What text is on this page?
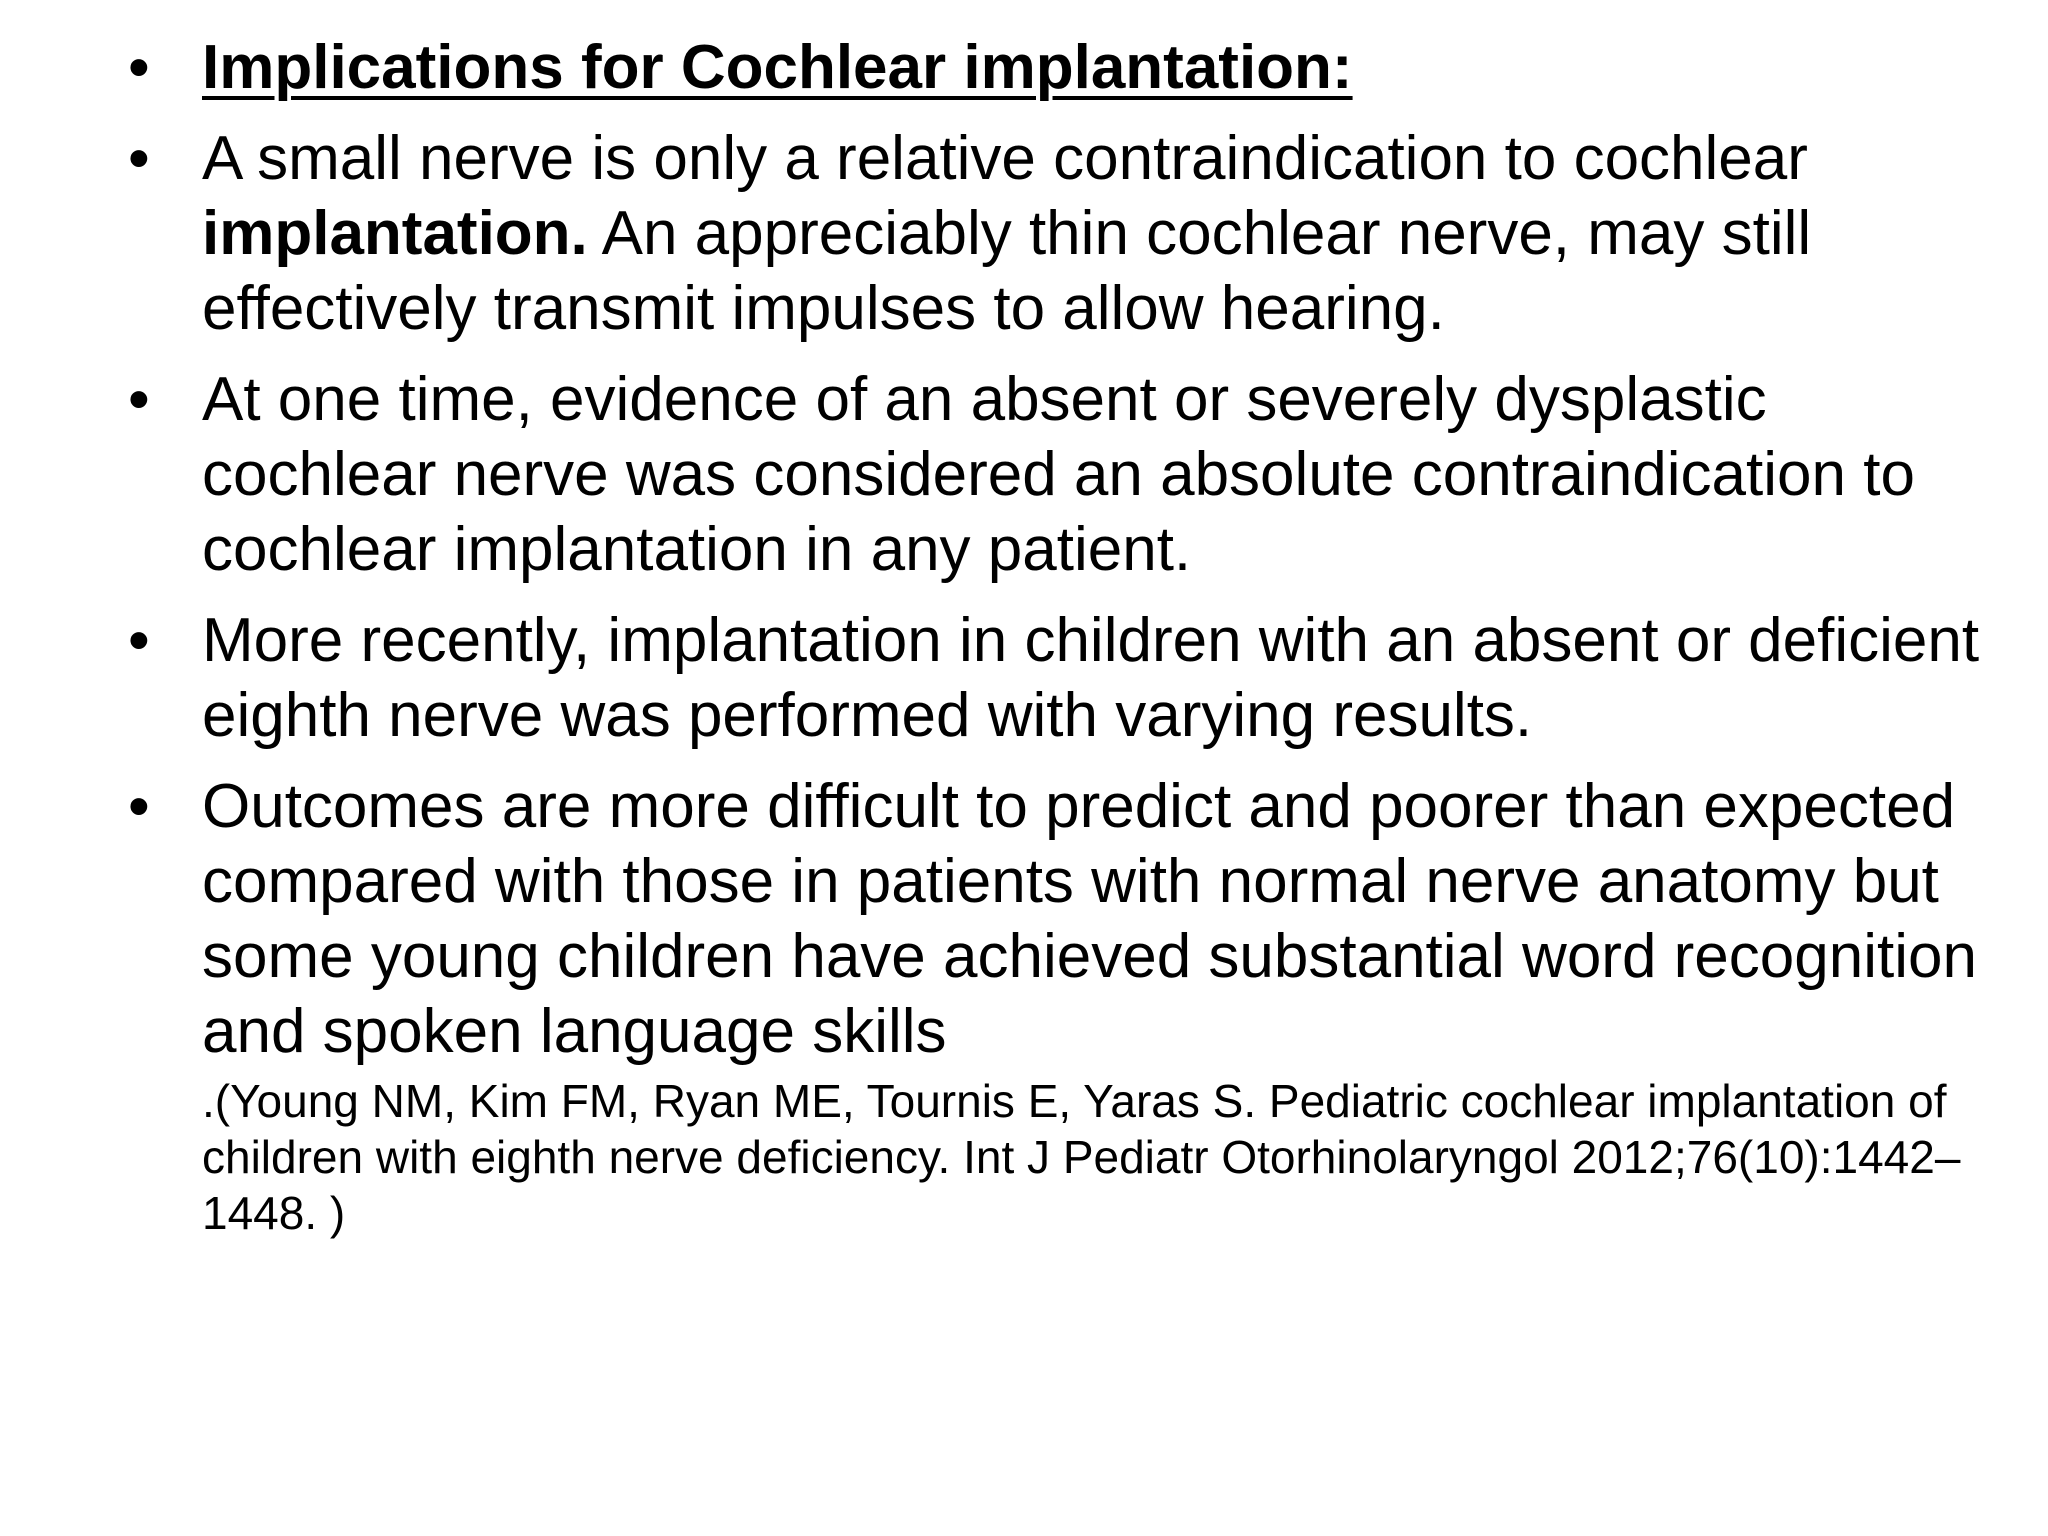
• Implications for Cochlear implantation:
• A small nerve is only a relative contraindication to cochlear implantation. An appreciably thin cochlear nerve, may still effectively transmit impulses to allow hearing.
• At one time, evidence of an absent or severely dysplastic cochlear nerve was considered an absolute contraindication to cochlear implantation in any patient.
• More recently, implantation in children with an absent or deficient eighth nerve was performed with varying results.
• Outcomes are more difficult to predict and poorer than expected compared with those in patients with normal nerve anatomy but some young children have achieved substantial word recognition and spoken language skills
.(Young NM, Kim FM, Ryan ME, Tournis E, Yaras S. Pediatric cochlear implantation of children with eighth nerve deficiency. Int J Pediatr Otorhinolaryngol 2012;76(10):1442–1448. )
